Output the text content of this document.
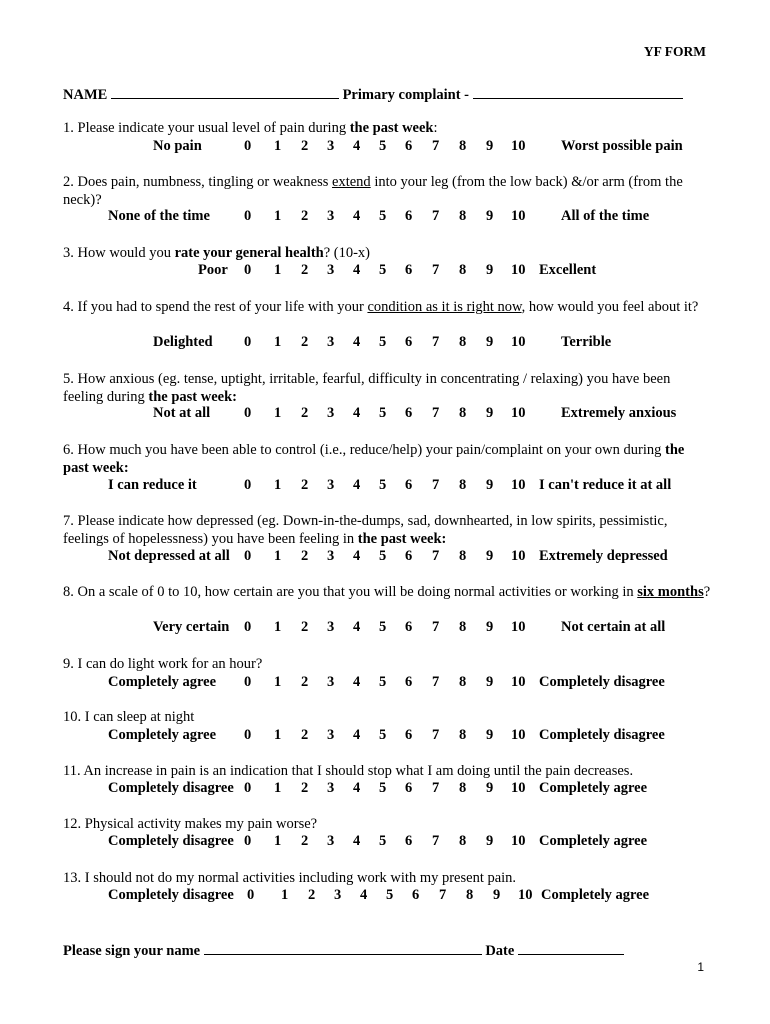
YF FORM
NAME	Primary complaint -
1. Please indicate your usual level of pain during the past week:
No pain	0 1 2 3 4 5 6 7 8 9 10 Worst possible pain
2. Does pain, numbness, tingling or weakness extend into your leg (from the low back) &/or arm (from the neck)?
None of the time 0 1 2 3 4 5 6 7 8 9 10 All of the time
3. How would you rate your general health? (10-x)
Poor 0 1 2 3 4 5 6 7 8 9 10 Excellent
4. If you had to spend the rest of your life with your condition as it is right now, how would you feel about it?
Delighted 0 1 2 3 4 5 6 7 8 9 10 Terrible
5. How anxious (eg. tense, uptight, irritable, fearful, difficulty in concentrating / relaxing) you have been feeling during the past week:
Not at all 0 1 2 3 4 5 6 7 8 9 10 Extremely anxious
6. How much you have been able to control (i.e., reduce/help) your pain/complaint on your own during the past week:
I can reduce it	0 1 2 3 4 5 6 7 8 9 10 I can't reduce it at all
7. Please indicate how depressed (eg. Down-in-the-dumps, sad, downhearted, in low spirits, pessimistic, feelings of hopelessness) you have been feeling in the past week:
Not depressed at all 0 1 2 3 4 5 6 7 8 9 10 Extremely depressed
8. On a scale of 0 to 10, how certain are you that you will be doing normal activities or working in six months?
Very certain 0 1 2 3 4 5 6 7 8 9 10 Not certain at all
9. I can do light work for an hour?
Completely agree 0 1 2 3 4 5 6 7 8 9 10 Completely disagree
10. I can sleep at night
Completely agree 0 1 2 3 4 5 6 7 8 9 10 Completely disagree
11. An increase in pain is an indication that I should stop what I am doing until the pain decreases.
Completely disagree 0 1 2 3 4 5 6 7 8 9 10 Completely agree
12. Physical activity makes my pain worse?
Completely disagree 0 1 2 3 4 5 6 7 8 9 10 Completely agree
13. I should not do my normal activities including work with my present pain.
Completely disagree 0 1 2 3 4 5 6 7 8 9 10 Completely agree
Please sign your name	Date
1
